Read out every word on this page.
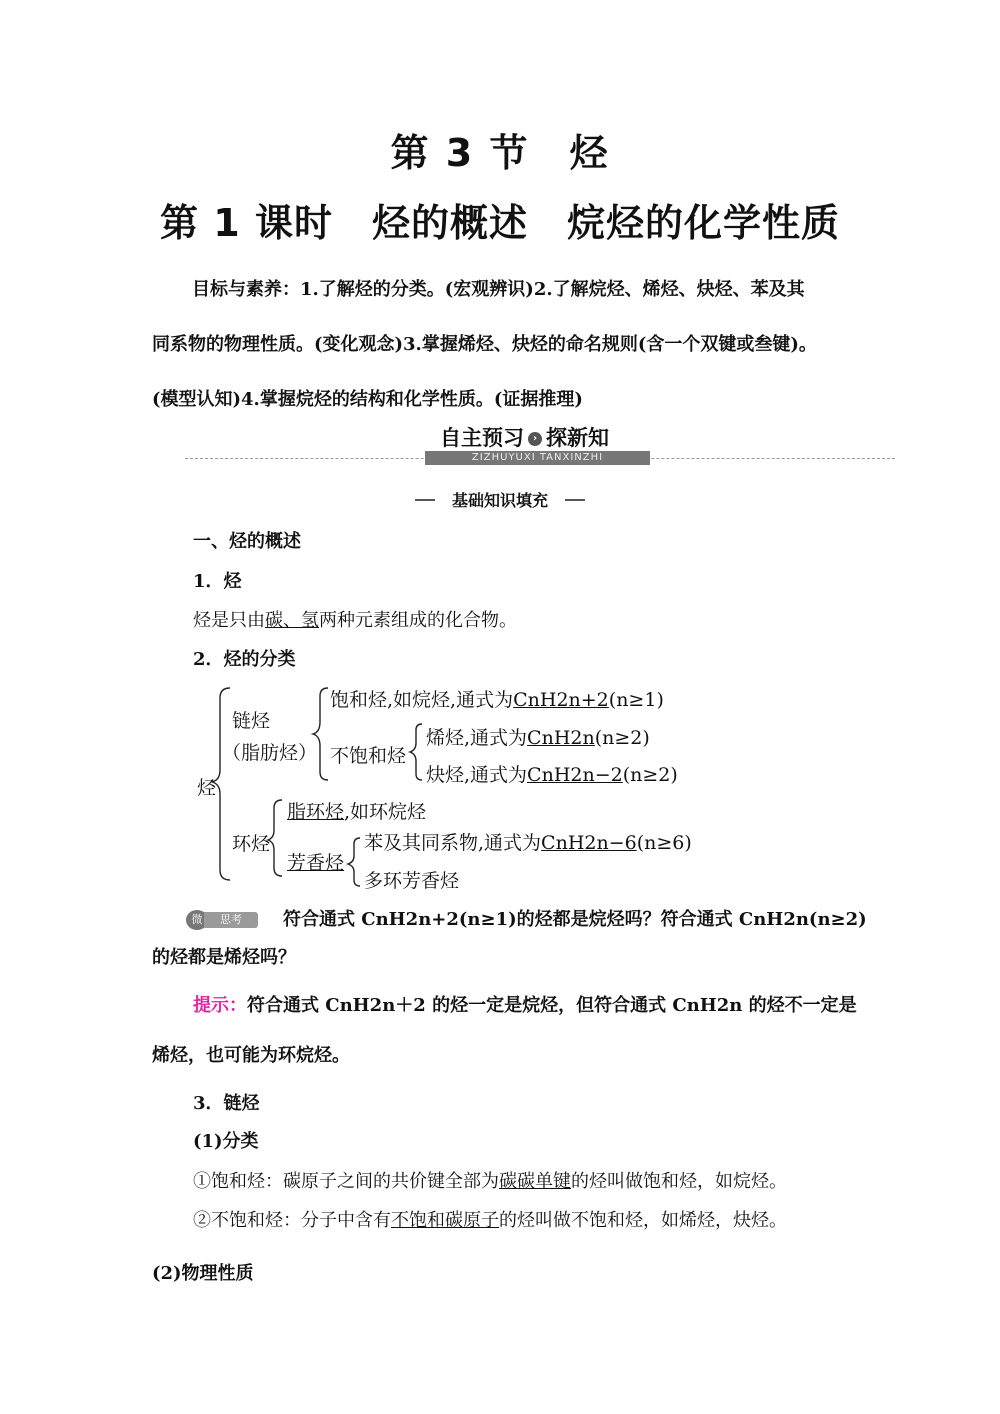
第 3 节　烃
第 1 课时　烃的概述　烷烃的化学性质
目标与素养：1.了解烃的分类。(宏观辨识)2.了解烷烃、烯烃、炔烃、苯及其
同系物的物理性质。(变化观念)3.掌握烯烃、炔烃的命名规则(含一个双键或叁键)。
(模型认知)4.掌握烷烃的结构和化学性质。(证据推理)
自主预习 › 探新知
ZIZHUYUXI TANXINZHI
基础知识填充
一、烃的概述
1．烃
烃是只由碳、氢两种元素组成的化合物。
2．烃的分类
烃
链烃
（脂肪烃）
饱和烃,如烷烃,通式为CnH2n+2(n≥1)
不饱和烃
烯烃,通式为CnH2n(n≥2)
炔烃,通式为CnH2n−2(n≥2)
环烃
脂环烃,如环烷烃
芳香烃
苯及其同系物,通式为CnH2n−6(n≥6)
多环芳香烃
微	思考	符合通式 CnH2n+2(n≥1)的烃都是烷烃吗？符合通式 CnH2n(n≥2)
的烃都是烯烃吗？
提示：符合通式 CnH2n＋2 的烃一定是烷烃，但符合通式 CnH2n 的烃不一定是
烯烃，也可能为环烷烃。
3．链烃
(1)分类
①饱和烃：碳原子之间的共价键全部为碳碳单键的烃叫做饱和烃，如烷烃。
②不饱和烃：分子中含有不饱和碳原子的烃叫做不饱和烃，如烯烃，炔烃。
(2)物理性质
